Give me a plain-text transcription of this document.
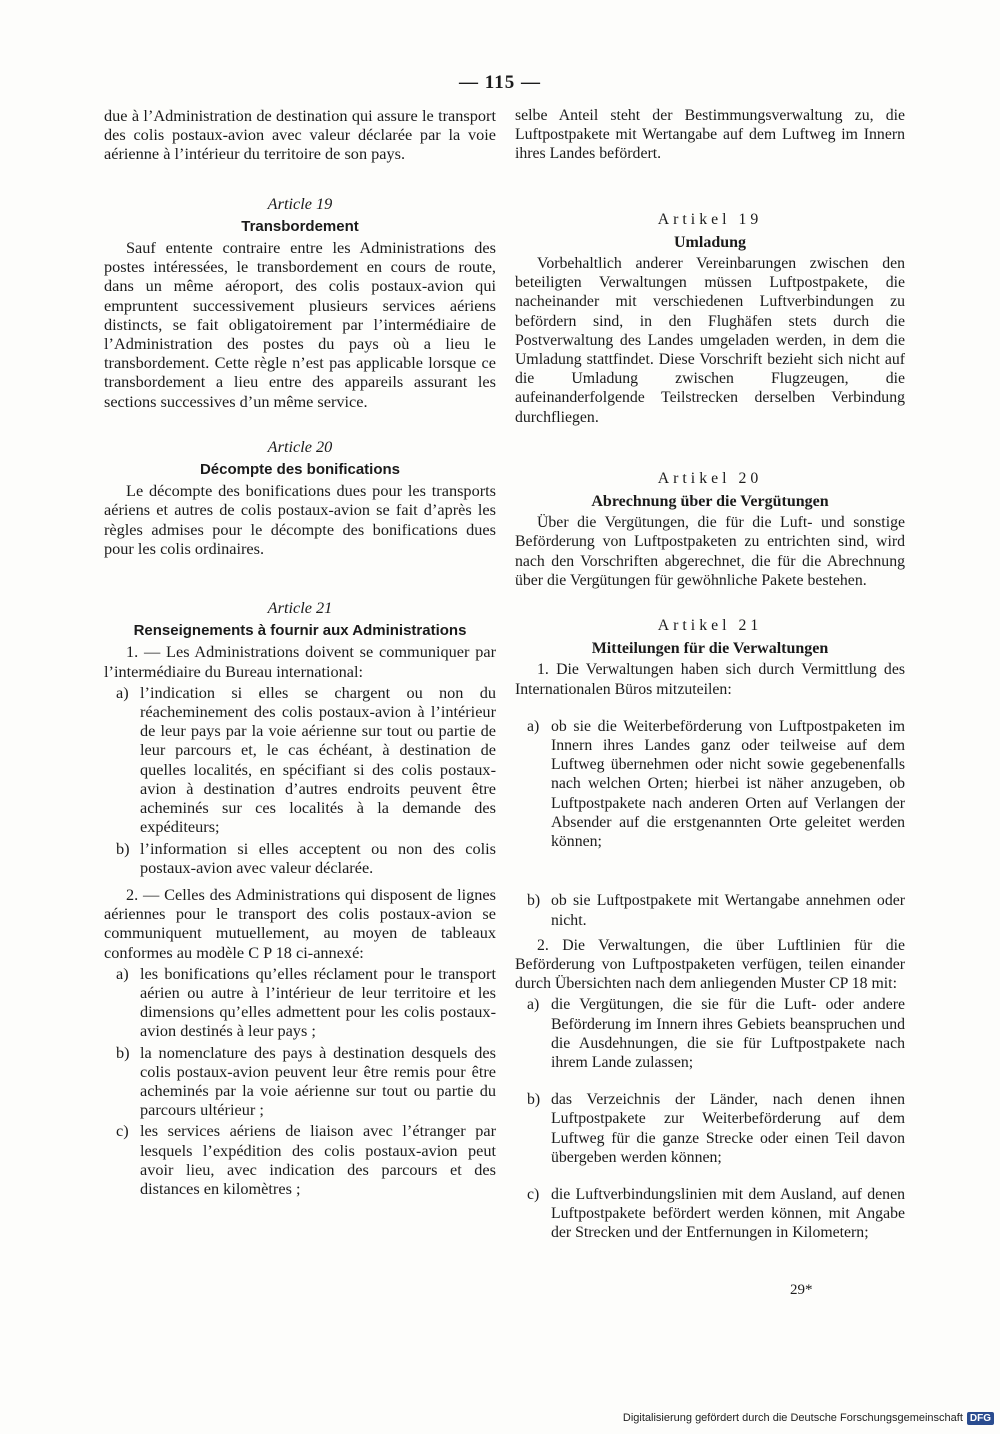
— 115 —

due à l’Administration de destination qui assure le transport des colis postaux-avion avec valeur déclarée par la voie aérienne à l’intérieur du territoire de son pays.

Article 19

Transbordement

Sauf entente contraire entre les Administrations des postes intéressées, le transbordement en cours de route, dans un même aéroport, des colis postaux-avion qui empruntent successivement plusieurs services aériens distincts, se fait obligatoirement par l’intermédiaire de l’Administration des postes du pays où a lieu le transbordement. Cette règle n’est pas applicable lorsque ce transbordement a lieu entre des appareils assurant les sections successives d’un même service.

Article 20

Décompte des bonifications

Le décompte des bonifications dues pour les transports aériens et autres de colis postaux-avion se fait d’après les règles admises pour le décompte des bonifications dues pour les colis ordinaires.

Article 21

Renseignements à fournir aux Administrations

1. — Les Administrations doivent se communiquer par l’intermédiaire du Bureau international:

a) l’indication si elles se chargent ou non du réacheminement des colis postaux-avion à l’intérieur de leur pays par la voie aérienne sur tout ou partie de leur parcours et, le cas échéant, à destination de quelles localités, en spécifiant si des colis postaux-avion à destination d’autres endroits peuvent être acheminés sur ces localités à la demande des expéditeurs;
b) l’information si elles acceptent ou non des colis postaux-avion avec valeur déclarée.

2. — Celles des Administrations qui disposent de lignes aériennes pour le transport des colis postaux-avion se communiquent mutuellement, au moyen de tableaux conformes au modèle C P 18 ci-annexé:

a) les bonifications qu’elles réclament pour le transport aérien ou autre à l’intérieur de leur territoire et les dimensions qu’elles admettent pour les colis postaux-avion destinés à leur pays ;
b) la nomenclature des pays à destination desquels des colis postaux-avion peuvent leur être remis pour être acheminés par la voie aérienne sur tout ou partie du parcours ultérieur ;
c) les services aériens de liaison avec l’étranger par lesquels l’expédition des colis postaux-avion peut avoir lieu, avec indication des parcours et des distances en kilomètres ;

selbe Anteil steht der Bestimmungsverwaltung zu, die Luftpostpakete mit Wertangabe auf dem Luftweg im Innern ihres Landes befördert.

Artikel 19

Umladung

Vorbehaltlich anderer Vereinbarungen zwischen den beteiligten Verwaltungen müssen Luftpostpakete, die nacheinander mit verschiedenen Luftverbindungen zu befördern sind, in den Flughäfen stets durch die Postverwaltung des Landes umgeladen werden, in dem die Umladung stattfindet. Diese Vorschrift bezieht sich nicht auf die Umladung zwischen Flugzeugen, die aufeinanderfolgende Teilstrecken derselben Verbindung durchfliegen.

Artikel 20

Abrechnung über die Vergütungen

Über die Vergütungen, die für die Luft- und sonstige Beförderung von Luftpostpaketen zu entrichten sind, wird nach den Vorschriften abgerechnet, die für die Abrechnung über die Vergütungen für gewöhnliche Pakete bestehen.

Artikel 21

Mitteilungen für die Verwaltungen

1. Die Verwaltungen haben sich durch Vermittlung des Internationalen Büros mitzuteilen:

a) ob sie die Weiterbeförderung von Luftpostpaketen im Innern ihres Landes ganz oder teilweise auf dem Luftweg übernehmen oder nicht sowie gegebenenfalls nach welchen Orten; hierbei ist näher anzugeben, ob Luftpostpakete nach anderen Orten auf Verlangen der Absender auf die erstgenannten Orte geleitet werden können;
b) ob sie Luftpostpakete mit Wertangabe annehmen oder nicht.

2. Die Verwaltungen, die über Luftlinien für die Beförderung von Luftpostpaketen verfügen, teilen einander durch Übersichten nach dem anliegenden Muster CP 18 mit:

a) die Vergütungen, die sie für die Luft- oder andere Beförderung im Innern ihres Gebiets beanspruchen und die Ausdehnungen, die sie für Luftpostpakete nach ihrem Lande zulassen;
b) das Verzeichnis der Länder, nach denen ihnen Luftpostpakete zur Weiterbeförderung auf dem Luftweg für die ganze Strecke oder einen Teil davon übergeben werden können;
c) die Luftverbindungslinien mit dem Ausland, auf denen Luftpostpakete befördert werden können, mit Angabe der Strecken und der Entfernungen in Kilometern;
29*
Digitalisierung gefördert durch die Deutsche Forschungsgemeinschaft DFG
